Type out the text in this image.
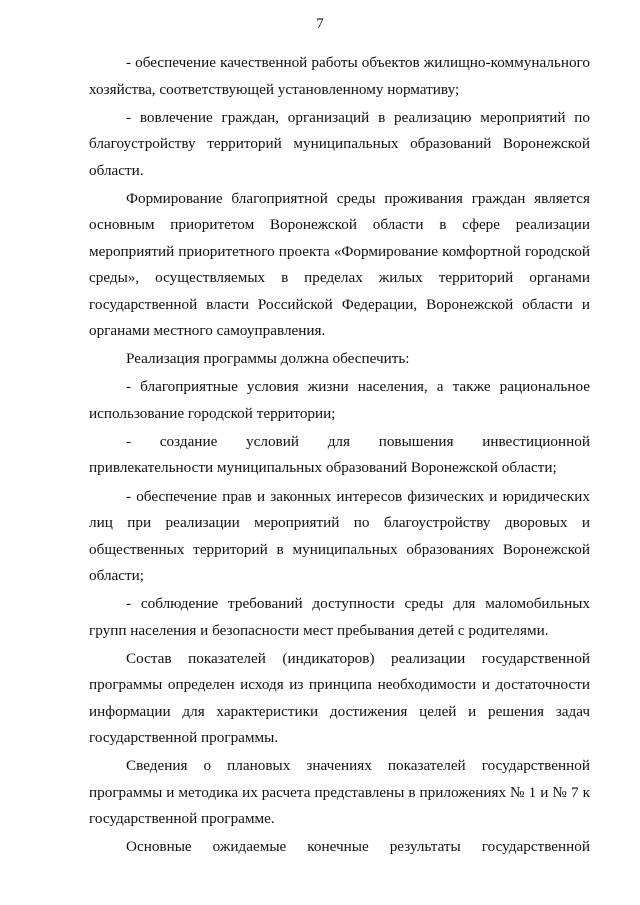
7

- обеспечение качественной работы объектов жилищно-коммунального хозяйства, соответствующей установленному нормативу;

- вовлечение граждан, организаций в реализацию мероприятий по благоустройству территорий муниципальных образований Воронежской области.

Формирование благоприятной среды проживания граждан является основным приоритетом Воронежской области в сфере реализации мероприятий приоритетного проекта «Формирование комфортной городской среды», осуществляемых в пределах жилых территорий органами государственной власти Российской Федерации, Воронежской области и органами местного самоуправления.

Реализация программы должна обеспечить:

- благоприятные условия жизни населения, а также рациональное использование городской территории;

- создание условий для повышения инвестиционной привлекательности муниципальных образований Воронежской области;

- обеспечение прав и законных интересов физических и юридических лиц при реализации мероприятий по благоустройству дворовых и общественных территорий в муниципальных образованиях Воронежской области;

- соблюдение требований доступности среды для маломобильных групп населения и безопасности мест пребывания детей с родителями.

Состав показателей (индикаторов) реализации государственной программы определен исходя из принципа необходимости и достаточности информации для характеристики достижения целей и решения задач государственной программы.

Сведения о плановых значениях показателей государственной программы и методика их расчета представлены в приложениях № 1 и № 7 к государственной программе.

Основные ожидаемые конечные результаты государственной
